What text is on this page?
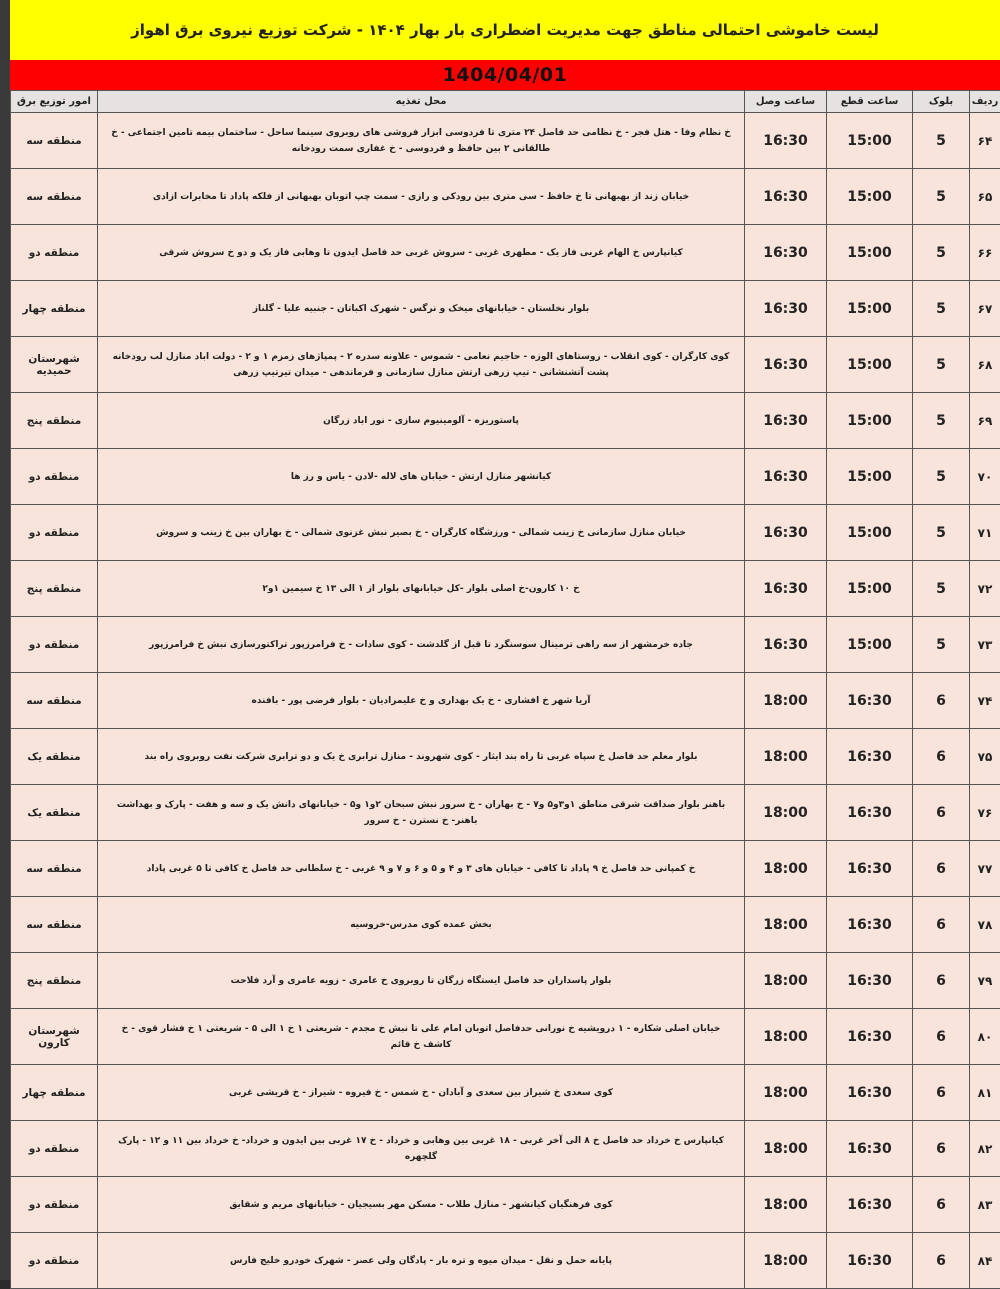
لیست خاموشی احتمالی مناطق جهت مدیریت اضطراری بار بهار ۱۴۰۴ - شرکت توزیع نیروی برق اهواز
1404/04/01
ردیف	بلوک	ساعت قطع	ساعت وصل	محل تغذیه	امور توزیع برق
۶۴	5	15:00	16:30	خ نظام وفا - هتل فجر - خ نظامی حد فاصل ۲۴ متری تا فردوسی ابزار فروشی های روبروی سینما ساحل - ساختمان بیمه تامین اجتماعی - خ طالقانی ۲ بین حافظ و فردوسی - خ غفاری سمت رودخانه	منطقه سه
۶۵	5	15:00	16:30	خیابان زند از بهبهانی تا خ حافظ - سی متری بین رودکی و رازی - سمت چپ اتوبان بهبهانی از فلکه پاداد تا مخابرات ازادی	منطقه سه
۶۶	5	15:00	16:30	کیانپارس خ الهام غربی فاز یک - مطهری غربی - سروش غربی حد فاصل ایدون تا وهابی فاز یک و دو خ سروش شرقی	منطقه دو
۶۷	5	15:00	16:30	بلوار نخلستان - خیابانهای میخک و نرگس - شهرک اکباتان - جنبیه علیا - گلناز	منطقه چهار
۶۸	5	15:00	16:30	کوی کارگران - کوی انقلاب - روستاهای الوزه - حاجیم نعامی - شموس - علاونه سدره ۲ - پمپاژهای زمزم ۱ و ۲ - دولت اباد منازل لب رودخانه پشت آتشنشانی - تیپ زرهی ارتش منازل سازمانی و فرماندهی - میدان تیرتیپ زرهی	شهرستان حمیدیه
۶۹	5	15:00	16:30	پاستوریزه - آلومینیوم سازی - نور اباد زرگان	منطقه پنج
۷۰	5	15:00	16:30	کیانشهر منازل ارتش - خیابان های لاله -لادن - یاس و رز ها	منطقه دو
۷۱	5	15:00	16:30	خیابان منازل سازمانی خ زینب شمالی - ورزشگاه کارگران - خ بصیر نبش غزنوی شمالی - خ بهاران بین خ زینب و سروش	منطقه دو
۷۲	5	15:00	16:30	خ ۱۰ کارون-خ اصلی بلوار -کل خیابانهای بلوار از ۱ الی ۱۳ خ سیمین ۱و۲	منطقه پنج
۷۳	5	15:00	16:30	جاده خرمشهر از سه راهی ترمینال سوسنگرد تا قبل از گلدشت - کوی سادات - خ فرامرزپور تراکتورسازی نبش خ فرامرزپور	منطقه دو
۷۴	6	16:30	18:00	آریا شهر خ افشاری - خ یک بهداری و خ علیمرادیان - بلوار فرضی پور - بافنده	منطقه سه
۷۵	6	16:30	18:00	بلوار معلم حد فاصل خ سپاه غربی تا راه بند ایثار - کوی شهروند - منازل ترابری خ یک و دو ترابری شرکت نفت روبروی راه بند	منطقه یک
۷۶	6	16:30	18:00	باهنر بلوار صداقت شرقی مناطق ۱و۳و۵ و۷ - خ بهاران - خ سرور نبش سبحان ۲و۱ و۵ - خیابانهای دانش یک و سه و هفت - پارک و بهداشت باهنر- خ نسترن - خ سرور	منطقه یک
۷۷	6	16:30	18:00	خ کمپانی حد فاصل خ ۹ پاداد تا کافی - خیابان های ۳ و ۴ و ۵ و ۶ و ۷ و ۹ غربی - خ سلطانی حد فاصل خ کافی تا ۵ غربی پاداد	منطقه سه
۷۸	6	16:30	18:00	بخش عمده کوی مدرس-خروسیه	منطقه سه
۷۹	6	16:30	18:00	بلوار پاسداران حد فاصل ایستگاه زرگان تا روبروی خ عامری - زویه عامری و آرد فلاحت	منطقه پنج
۸۰	6	16:30	18:00	خیابان اصلی شکاره - ۱ درویشیه خ نورانی حدفاصل اتوبان امام علی تا نبش خ مجدم - شریعتی ۱ خ ۱ الی ۵ - شریعتی ۱ خ فشار قوی - خ کاشف خ قائم	شهرستان کارون
۸۱	6	16:30	18:00	کوی سعدی خ شیراز بین سعدی و آبادان - خ شمس - خ فیروه - شیراز - خ قریشی غربی	منطقه چهار
۸۲	6	16:30	18:00	کیانپارس خ خرداد حد فاصل خ ۸ الی آخر غربی - ۱۸ غربی بین وهابی و خرداد - خ ۱۷ غربی بین ایدون و خرداد- خ خرداد بین ۱۱ و ۱۲ - پارک گلچهره	منطقه دو
۸۳	6	16:30	18:00	کوی فرهنگیان کیانشهر - منازل طلاب - مسکن مهر بسیجیان - خیابانهای مریم و شقایق	منطقه دو
۸۴	6	16:30	18:00	پایانه حمل و نقل - میدان میوه و تره بار - پادگان ولی عصر - شهرک خودرو خلیج فارس	منطقه دو
